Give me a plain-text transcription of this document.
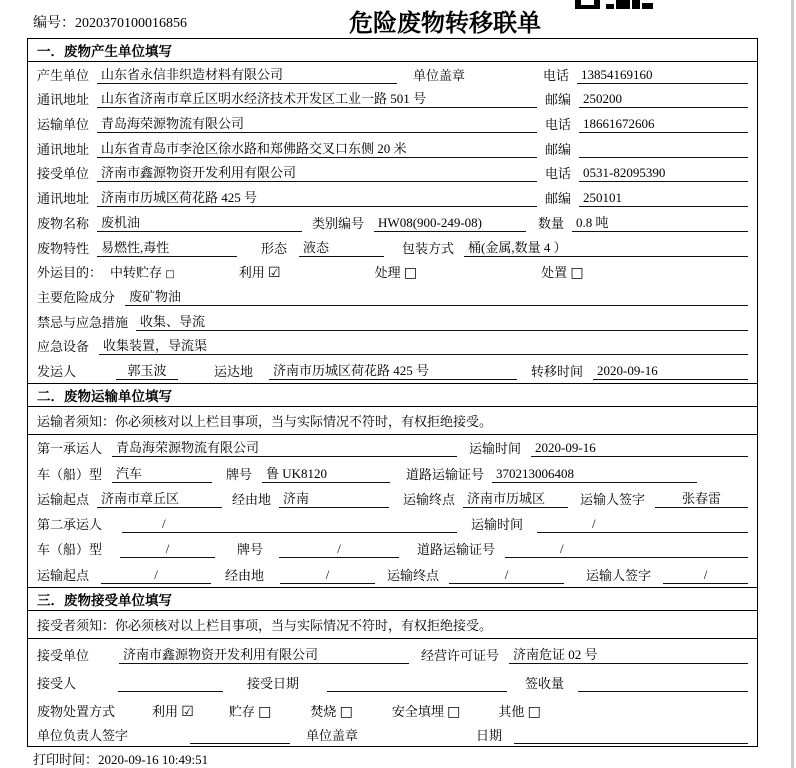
编号：2020370100016856	危险废物转移联单
一．废物产生单位填写
产生单位 山东省永信非织造材料有限公司	单位盖章	电话 13854169160
通讯地址 山东省济南市章丘区明水经济技术开发区工业一路 501 号	邮编 250200
运输单位 青岛海荣源物流有限公司	电话 18661672606
通讯地址 山东省青岛市李沧区徐水路和郑佛路交叉口东侧 20 米	邮编
接受单位 济南市鑫源物资开发利用有限公司	电话 0531-82095390
通讯地址 济南市历城区荷花路 425 号	邮编 250101
废物名称 废机油	类别编号	HW08(900-249-08)	数量 0.8 吨
废物特性 易燃性,毒性	形态	液态	包装方式	桶(金属,数量 4 ）
外运目的： 中转贮存 □	利用 ☑	处理 □	处置 □
主要危险成分	废矿物油
禁忌与应急措施 收集、导流
应急设备	收集装置，导流渠
发运人	郭玉波	运达地	济南市历城区荷花路 425 号	转移时间	2020-09-16
二．废物运输单位填写
运输者须知：你必须核对以上栏目事项，当与实际情况不符时，有权拒绝接受。
第一承运人	青岛海荣源物流有限公司	运输时间	2020-09-16
车（船）型	汽车	牌号	鲁 UK8120	道路运输证号 370213006408
运输起点 济南市章丘区	经由地 济南	运输终点 济南市历城区	运输人签字	张春雷
第二承运人	/	运输时间	/
车（船）型	/	牌号	/	道路运输证号	/
运输起点	/	经由地	/	运输终点	/	运输人签字	/
三．废物接受单位填写
接受者须知：你必须核对以上栏目事项，当与实际情况不符时，有权拒绝接受。
接受单位	济南市鑫源物资开发利用有限公司	经营许可证号	济南危证 02 号
接受人	接受日期	签收量
废物处置方式	利用 ☑	贮存 □	焚烧 □	安全填埋 □	其他 □
单位负责人签字	单位盖章	日期
打印时间：2020-09-16 10:49:51
